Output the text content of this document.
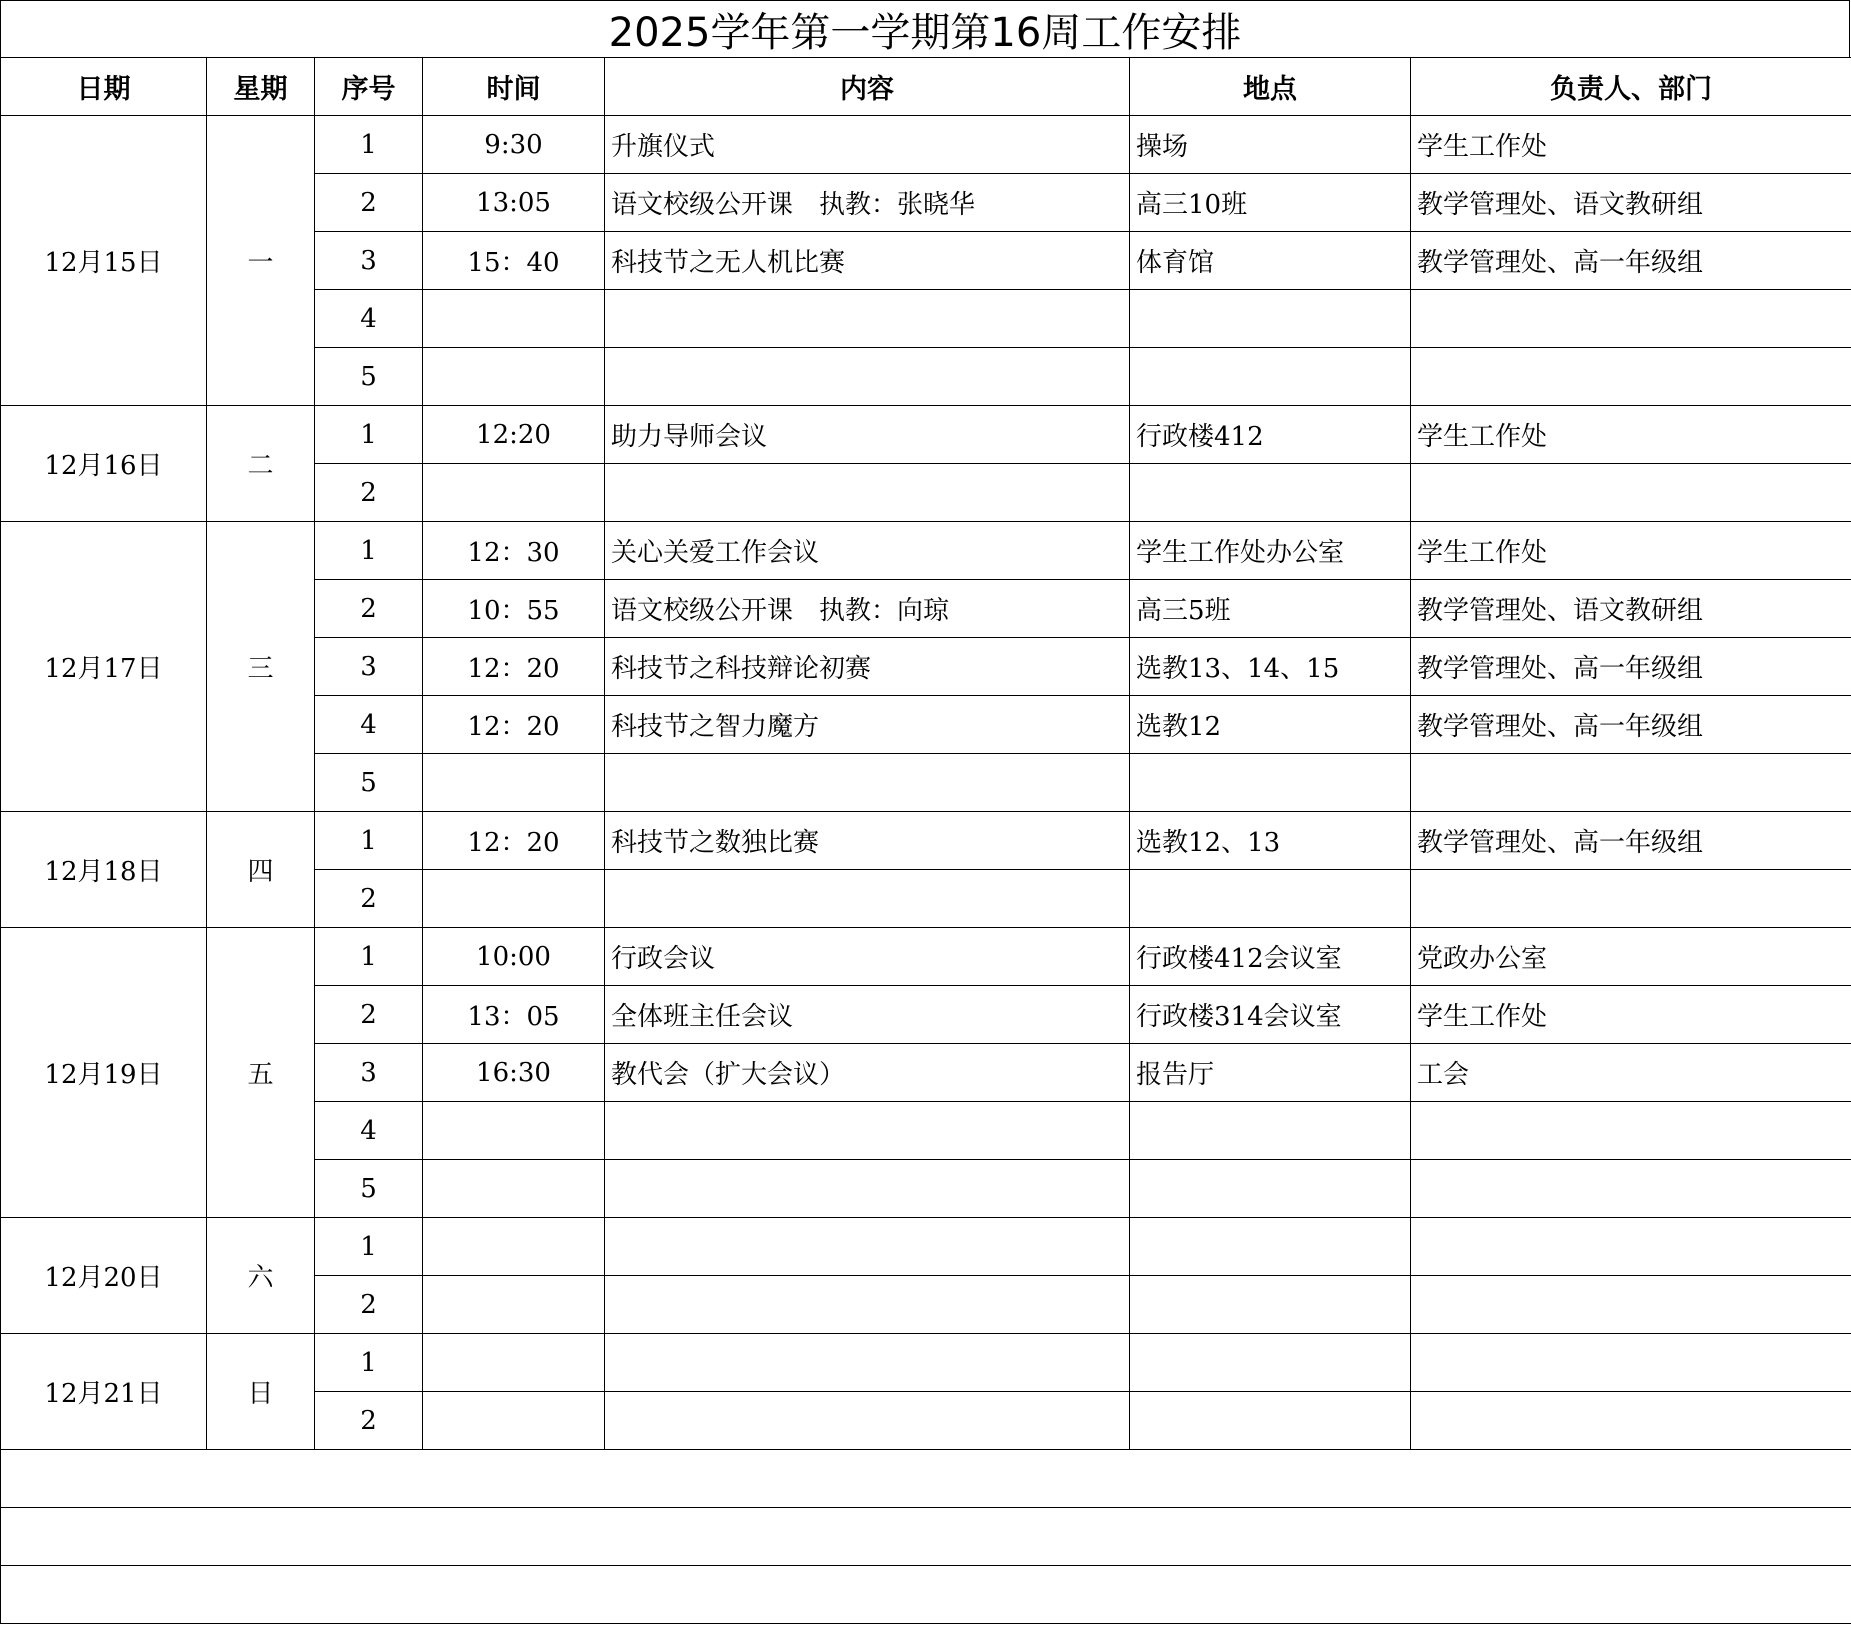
2025学年第一学期第16周工作安排
日期	星期	序号	时间	内容	地点	负责人、部门
12月15日	一	1	9:30	升旗仪式	操场	学生工作处
		2	13:05	语文校级公开课　执教：张晓华	高三10班	教学管理处、语文教研组
		3	15：40	科技节之无人机比赛	体育馆	教学管理处、高一年级组
		4				
		5				
12月16日	二	1	12:20	助力导师会议	行政楼412	学生工作处
		2				
12月17日	三	1	12：30	关心关爱工作会议	学生工作处办公室	学生工作处
		2	10：55	语文校级公开课　执教：向琼	高三5班	教学管理处、语文教研组
		3	12：20	科技节之科技辩论初赛	选教13、14、15	教学管理处、高一年级组
		4	12：20	科技节之智力魔方	选教12	教学管理处、高一年级组
		5				
12月18日	四	1	12：20	科技节之数独比赛	选教12、13	教学管理处、高一年级组
		2				
12月19日	五	1	10:00	行政会议	行政楼412会议室	党政办公室
		2	13：05	全体班主任会议	行政楼314会议室	学生工作处
		3	16:30	教代会（扩大会议）	报告厅	工会
		4				
		5				
12月20日	六	1				
		2				
12月21日	日	1				
		2				
